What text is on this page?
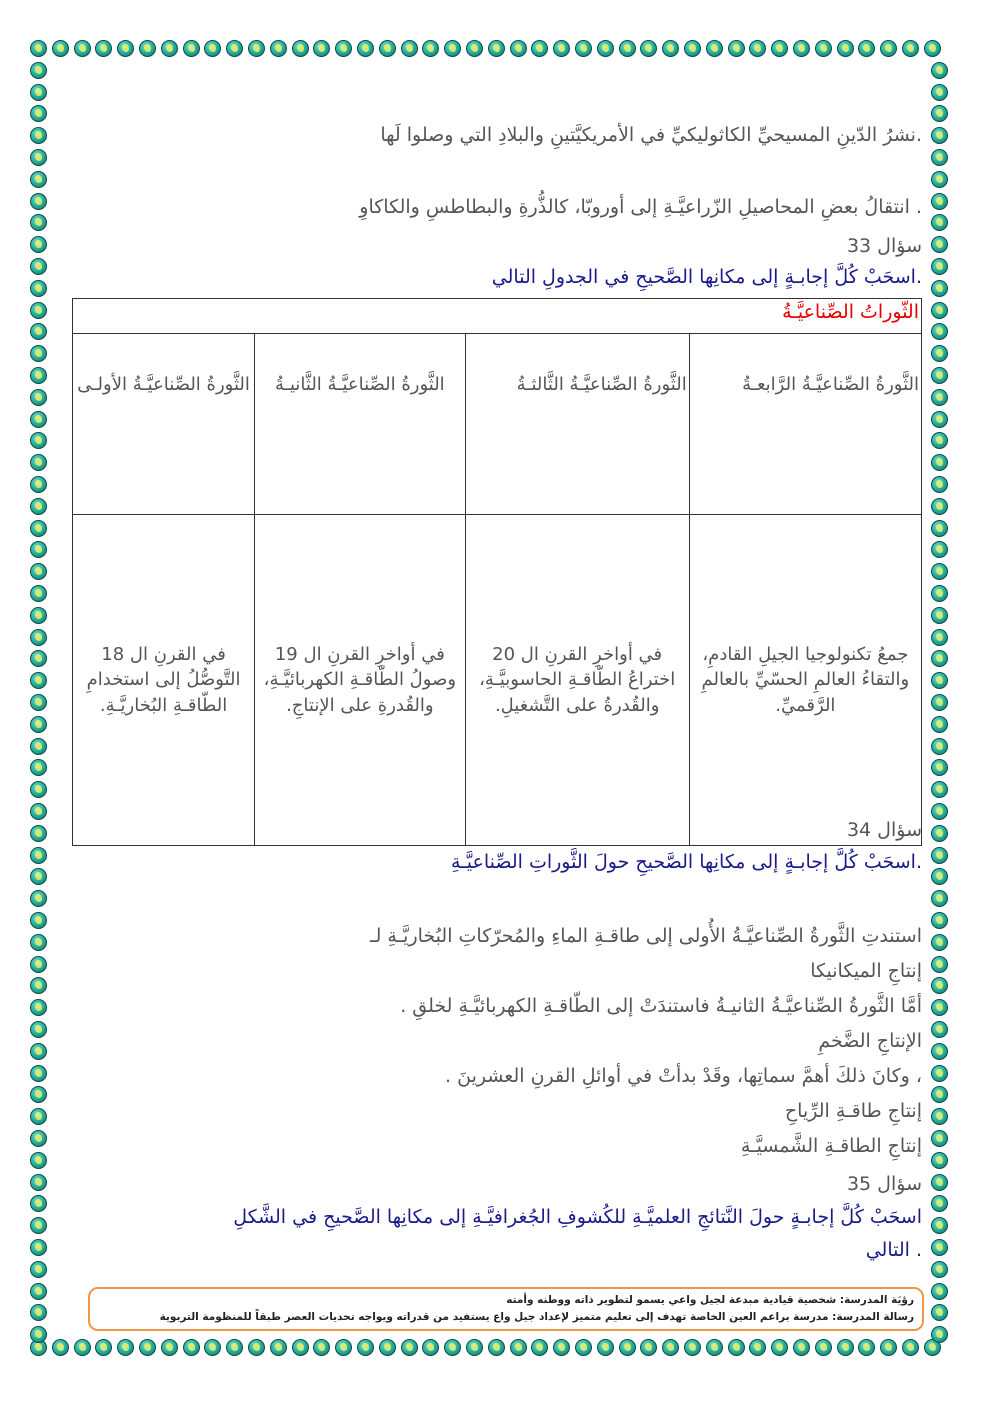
.نشرُ الدّينِ المسيحيِّ الكاثوليكيِّ في الأمريكيَّتينِ والبلادِ التي وصلوا لَها
. انتقالُ بعضِ المحاصيلِ الزّراعيَّـةِ إلى أوروبّا، كالذُّرةِ والبطاطسِ والكاكاوِ
سؤال 33
.اسحَبْ كُلَّ إجابـةٍ إلى مكانِها الصَّحيحِ في الجدولِ التالي
الثّوراتُ الصِّناعيَّـةُ			
الثَّورةُ الصِّناعيَّـةُ الرَّابعـةُ	الثَّورةُ الصِّناعيَّـةُ الثَّالثـةُ	الثَّورةُ الصِّناعيَّـةُ الثَّانيـةُ	الثَّورةُ الصِّناعيَّـةُ الأولـى
جمعُ تكنولوجيا الجيلِ القادمِ، والتقاءُ العالمِ الحسّيِّ بالعالمِ الرَّقميِّ.	في أواخرِ القرنِ ال 20 اختراعُ الطّاقـةِ الحاسوبيَّـةِ، والقُدرةُ على التَّشغيلِ.	في أواخرِ القرنِ ال 19 وصولُ الطّاقـةِ الكهربائيَّـةِ، والقُدرةِ على الإنتاجِ.	في القرنِ ال 18 التَّوصُّلُ إلى استخدامِ الطّاقـةِ البُخاريَّـةِ.
سؤال 34
.اسحَبْ كُلَّ إجابـةٍ إلى مكانِها الصَّحيحِ حولَ الثَّوراتِ الصِّناعيَّـةِ
استندتِ الثَّورةُ الصِّناعيَّـةُ الأُولى إلى طاقـةِ الماءِ والمُحرّكاتِ البُخاريَّـةِ لـ
إنتاجِ الميكانيكا
أمَّا الثَّورةُ الصِّناعيَّـةُ الثانيـةُ فاستندَتْ إلى الطّاقـةِ الكهربائيَّـةِ لخلقِ .
الإنتاجِ الضَّخمِ
، وكانَ ذلكَ أهمَّ سماتِها، وقَدْ بدأتْ في أوائلِ القرنِ العشرينَ .
إنتاجِ طاقـةِ الرِّياحِ
إنتاجِ الطاقـةِ الشَّمسيَّـةِ
سؤال 35
اسحَبْ كُلَّ إجابـةٍ حولَ النَّتائجِ العلميَّـةِ للكُشوفِ الجُغرافيَّـةِ إلى مكانِها الصَّحيحِ في الشَّكلِ
. التالي
رؤيَة المدرسة: شخصية قيادية مبدعة لجيل واعي يسمو لتطوير ذاته ووطنه وأمته
رسالة المدرسة: مدرسة براعم العين الخاصة تهدف إلى تعليم متميز لإعداد جيل واع يستفيد من قدراته ويواجه تحديات العصر طبقاً للمنظومة التربوية
